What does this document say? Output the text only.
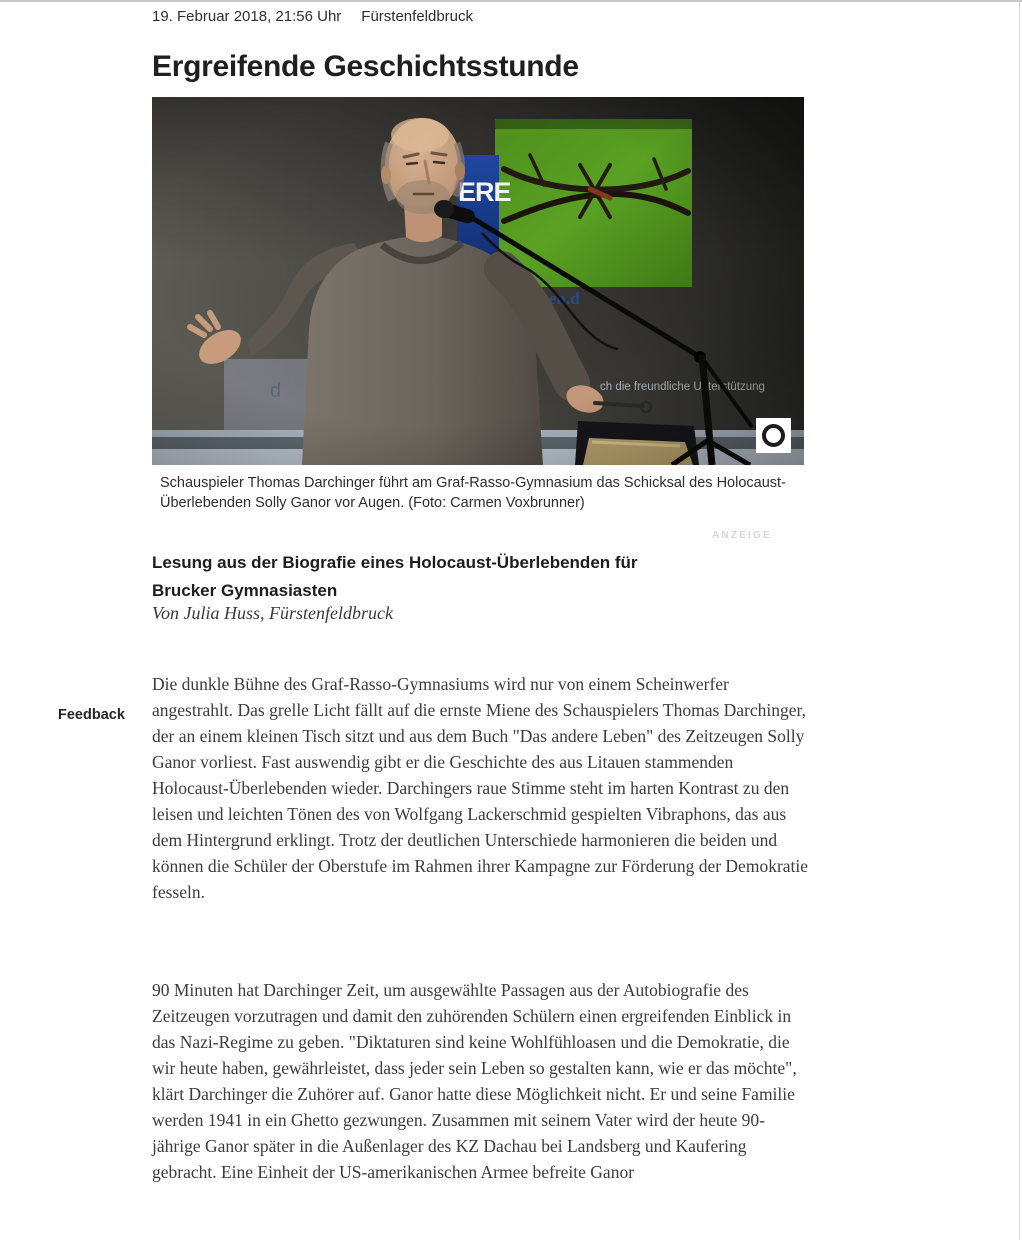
Feedback
19. Februar 2018, 21:56 Uhr Fürstenfeldbruck
Ergreifende Geschichtsstunde
Schauspieler Thomas Darchinger führt am Graf-Rasso-Gymnasium das Schicksal des Holocaust-Überlebenden Solly Ganor vor Augen. (Foto: Carmen Voxbrunner)
ANZEIGE
Lesung aus der Biografie eines Holocaust-Überlebenden für Brucker Gymnasiasten
Von Julia Huss, Fürstenfeldbruck

Die dunkle Bühne des Graf-Rasso-Gymnasiums wird nur von einem Scheinwerfer angestrahlt. Das grelle Licht fällt auf die ernste Miene des Schauspielers Thomas Darchinger, der an einem kleinen Tisch sitzt und aus dem Buch "Das andere Leben" des Zeitzeugen Solly Ganor vorliest. Fast auswendig gibt er die Geschichte des aus Litauen stammenden Holocaust-Überlebenden wieder. Darchingers raue Stimme steht im harten Kontrast zu den leisen und leichten Tönen des von Wolfgang Lackerschmid gespielten Vibraphons, das aus dem Hintergrund erklingt. Trotz der deutlichen Unterschiede harmonieren die beiden und können die Schüler der Oberstufe im Rahmen ihrer Kampagne zur Förderung der Demokratie fesseln.

90 Minuten hat Darchinger Zeit, um ausgewählte Passagen aus der Autobiografie des Zeitzeugen vorzutragen und damit den zuhörenden Schülern einen ergreifenden Einblick in das Nazi-Regime zu geben. "Diktaturen sind keine Wohlfühloasen und die Demokratie, die wir heute haben, gewährleistet, dass jeder sein Leben so gestalten kann, wie er das möchte", klärt Darchinger die Zuhörer auf. Ganor hatte diese Möglichkeit nicht. Er und seine Familie werden 1941 in ein Ghetto gezwungen. Zusammen mit seinem Vater wird der heute 90-jährige Ganor später in die Außenlager des KZ Dachau bei Landsberg und Kaufering gebracht. Eine Einheit der US-amerikanischen Armee befreite Ganor
